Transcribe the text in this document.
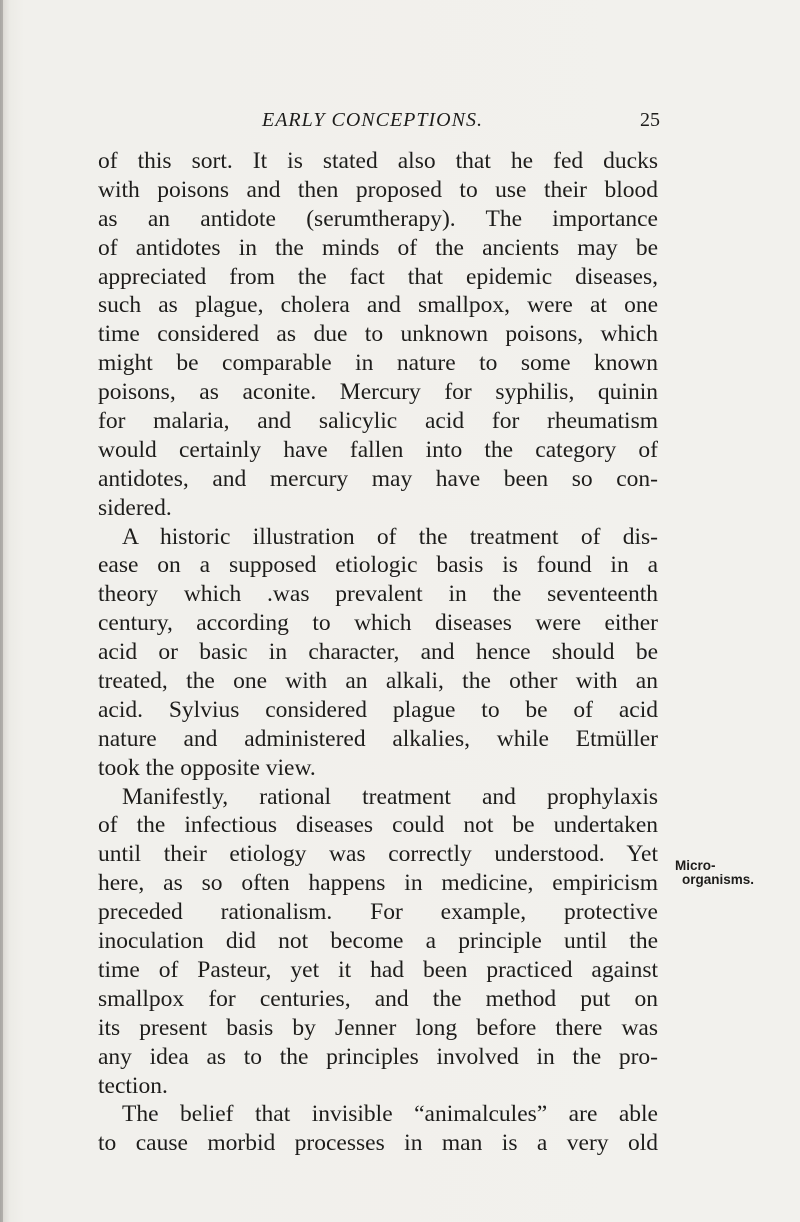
EARLY CONCEPTIONS.	25
of this sort. It is stated also that he fed ducks
with poisons and then proposed to use their blood
as an antidote (serumtherapy). The importance
of antidotes in the minds of the ancients may be
appreciated from the fact that epidemic diseases,
such as plague, cholera and smallpox, were at one
time considered as due to unknown poisons, which
might be comparable in nature to some known
poisons, as aconite. Mercury for syphilis, quinin
for malaria, and salicylic acid for rheumatism
would certainly have fallen into the category of
antidotes, and mercury may have been so con-
sidered.
A historic illustration of the treatment of dis-
ease on a supposed etiologic basis is found in a
theory which .was prevalent in the seventeenth
century, according to which diseases were either
acid or basic in character, and hence should be
treated, the one with an alkali, the other with an
acid. Sylvius considered plague to be of acid
nature and administered alkalies, while Etmüller
took the opposite view.
Manifestly, rational treatment and prophylaxis
of the infectious diseases could not be undertaken
until their etiology was correctly understood. Yet
here, as so often happens in medicine, empiricism
preceded rationalism. For example, protective
inoculation did not become a principle until the
time of Pasteur, yet it had been practiced against
smallpox for centuries, and the method put on
its present basis by Jenner long before there was
any idea as to the principles involved in the pro-
tection.
The belief that invisible “animalcules” are able
to cause morbid processes in man is a very old
Micro-
organisms.
